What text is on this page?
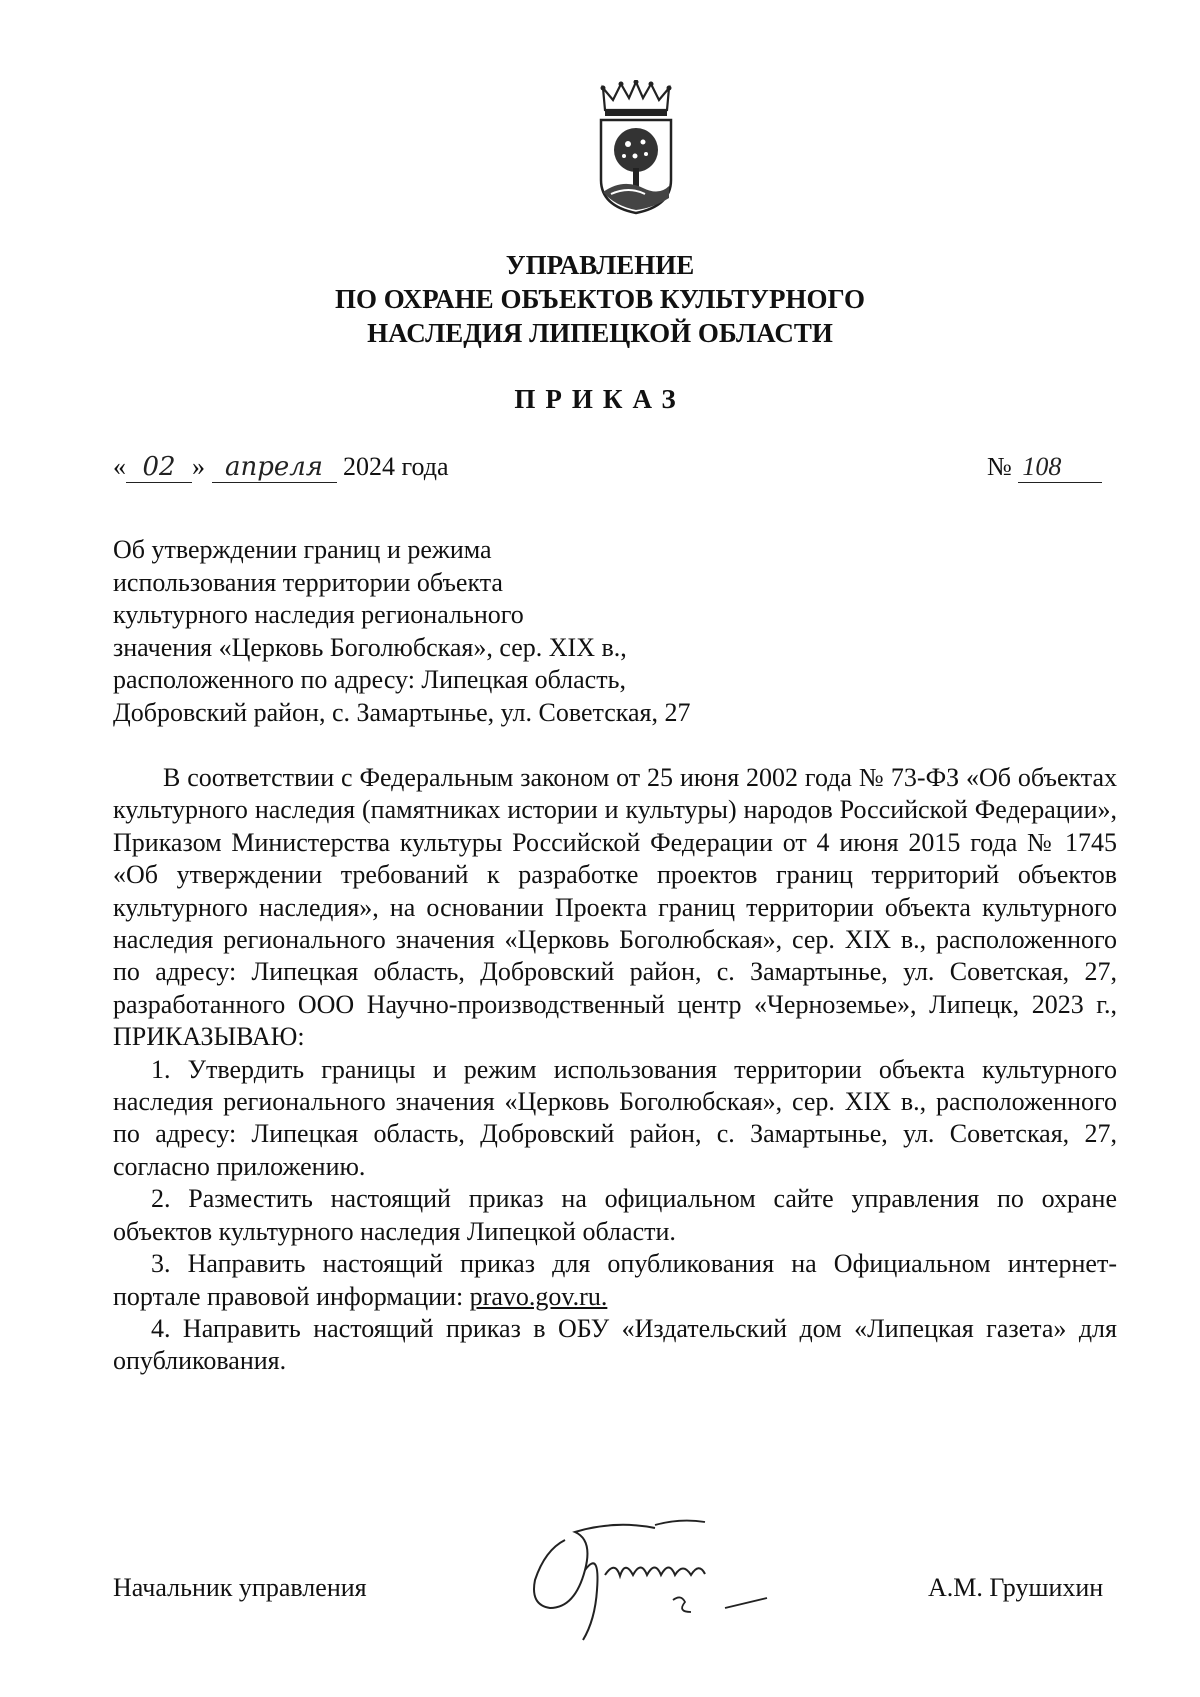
УПРАВЛЕНИЕ
ПО ОХРАНЕ ОБЪЕКТОВ КУЛЬТУРНОГО
НАСЛЕДИЯ ЛИПЕЦКОЙ ОБЛАСТИ
ПРИКАЗ
« 02 » апреля 2024 года	№ 108
Об утверждении границ и режима
использования территории объекта
культурного наследия регионального
значения «Церковь Боголюбская», сер. XIX в.,
расположенного по адресу: Липецкая область,
Добровский район, с. Замартынье, ул. Советская, 27

В соответствии с Федеральным законом от 25 июня 2002 года № 73-ФЗ «Об объектах культурного наследия (памятниках истории и культуры) народов Российской Федерации», Приказом Министерства культуры Российской Федерации от 4 июня 2015 года № 1745 «Об утверждении требований к разработке проектов границ территорий объектов культурного наследия», на основании Проекта границ территории объекта культурного наследия регионального значения «Церковь Боголюбская», сер. XIX в., расположенного по адресу: Липецкая область, Добровский район, с. Замартынье, ул. Советская, 27, разработанного ООО Научно-производственный центр «Черноземье», Липецк, 2023 г., ПРИКАЗЫВАЮ:

1. Утвердить границы и режим использования территории объекта культурного наследия регионального значения «Церковь Боголюбская», сер. XIX в., расположенного по адресу: Липецкая область, Добровский район, с. Замартынье, ул. Советская, 27, согласно приложению.

2. Разместить настоящий приказ на официальном сайте управления по охране объектов культурного наследия Липецкой области.

3. Направить настоящий приказ для опубликования на Официальном интернет-портале правовой информации: pravo.gov.ru.

4. Направить настоящий приказ в ОБУ «Издательский дом «Липецкая газета» для опубликования.

Начальник управления	А.М. Грушихин
